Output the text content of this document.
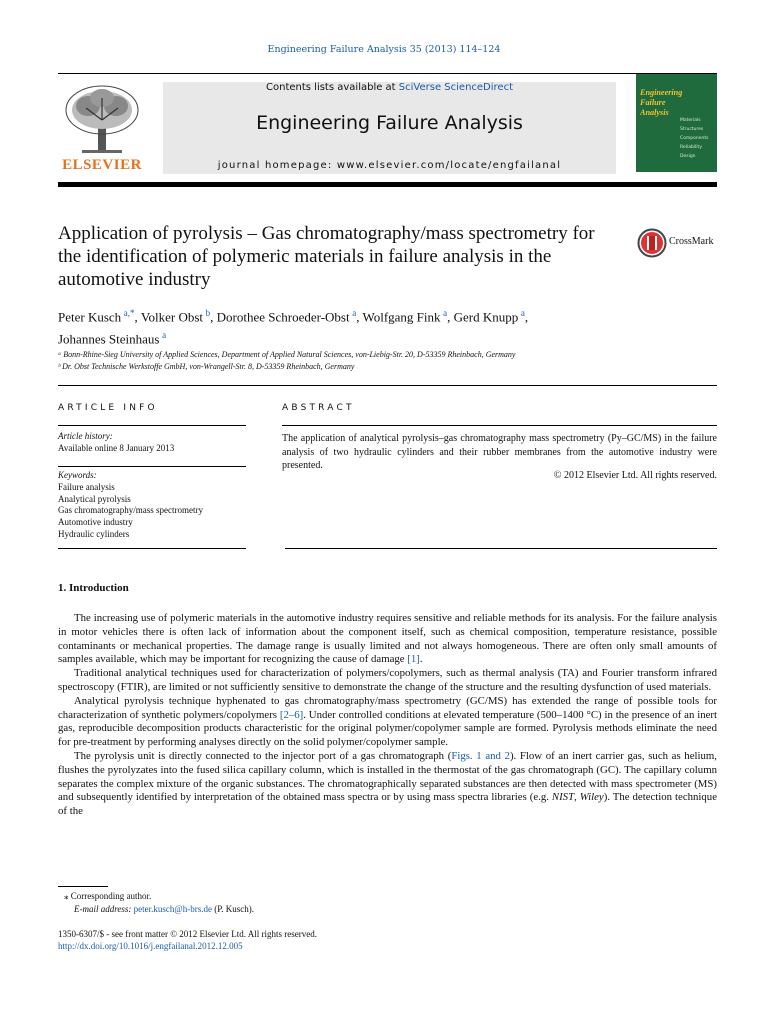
Engineering Failure Analysis 35 (2013) 114–124
ELSEVIER
Contents lists available at SciVerse ScienceDirect
Engineering Failure Analysis
journal homepage: www.elsevier.com/locate/engfailanal
Engineering
Failure
Analysis
Materials
Structures
Components
Reliability
Design
Application of pyrolysis – Gas chromatography/mass spectrometry for the identification of polymeric materials in failure analysis in the automotive industry
CrossMark
Peter Kusch  $^{a,*}$, Volker Obst  $^b$, Dorothee Schroeder-Obst  $^a$, Wolfgang Fink  $^a$, Gerd Knupp  $^a$,
Johannes Steinhaus  $^a$
ᵃ Bonn-Rhine-Sieg University of Applied Sciences, Department of Applied Natural Sciences, von-Liebig-Str. 20, D-53359 Rheinbach, Germany
ᵇ Dr. Obst Technische Werkstoffe GmbH, von-Wrangell-Str. 8, D-53359 Rheinbach, Germany
ARTICLE INFO
Article history:
Available online 8 January 2013
Keywords:
Failure analysis
Analytical pyrolysis
Gas chromatography/mass spectrometry
Automotive industry
Hydraulic cylinders
ABSTRACT
The application of analytical pyrolysis–gas chromatography mass spectrometry (Py–GC/MS) in the failure analysis of two hydraulic cylinders and their rubber membranes from the automotive industry were presented.
© 2012 Elsevier Ltd. All rights reserved.
1. Introduction

The increasing use of polymeric materials in the automotive industry requires sensitive and reliable methods for its analysis. For the failure analysis in motor vehicles there is often lack of information about the component itself, such as chemical composition, temperature resistance, possible contaminants or mechanical properties. The damage range is usually limited and not always homogeneous. There are often only small amounts of samples available, which may be important for recognizing the cause of damage [1].

Traditional analytical techniques used for characterization of polymers/copolymers, such as thermal analysis (TA) and Fourier transform infrared spectroscopy (FTIR), are limited or not sufficiently sensitive to demonstrate the change of the structure and the resulting dysfunction of used materials.

Analytical pyrolysis technique hyphenated to gas chromatography/mass spectrometry (GC/MS) has extended the range of possible tools for characterization of synthetic polymers/copolymers [2–6]. Under controlled conditions at elevated temperature (500–1400 °C) in the presence of an inert gas, reproducible decomposition products characteristic for the original polymer/copolymer sample are formed. Pyrolysis methods eliminate the need for pre-treatment by performing analyses directly on the solid polymer/copolymer sample.

The pyrolysis unit is directly connected to the injector port of a gas chromatograph (Figs. 1 and 2). Flow of an inert carrier gas, such as helium, flushes the pyrolyzates into the fused silica capillary column, which is installed in the thermostat of the gas chromatograph (GC). The capillary column separates the complex mixture of the organic substances. The chromatographically separated substances are then detected with mass spectrometer (MS) and subsequently identified by interpretation of the obtained mass spectra or by using mass spectra libraries (e.g. NIST, Wiley). The detection technique of the

⁎ Corresponding author.
E-mail address: peter.kusch@h-brs.de (P. Kusch).
1350-6307/$ - see front matter © 2012 Elsevier Ltd. All rights reserved.
http://dx.doi.org/10.1016/j.engfailanal.2012.12.005
